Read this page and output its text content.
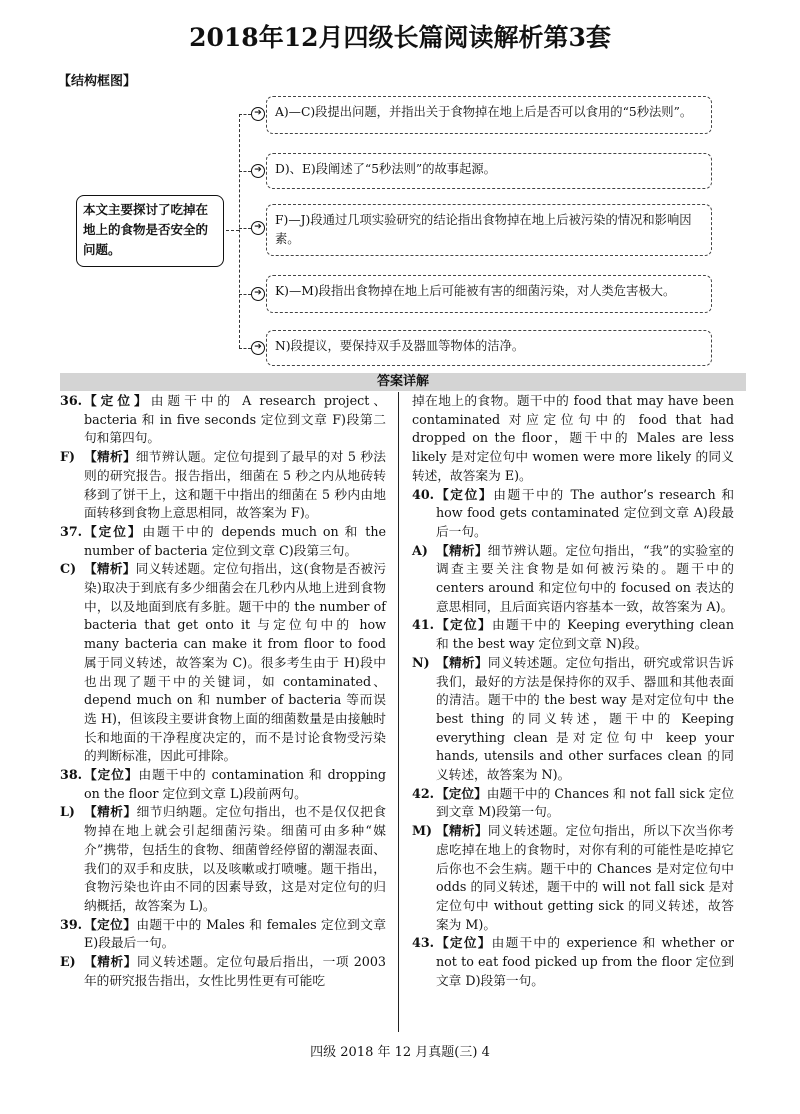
2018年12月四级长篇阅读解析第3套
【结构框图】
本文主要探讨了吃掉在地上的食物是否安全的问题。
➔	A)—C)段提出问题，并指出关于食物掉在地上后是否可以食用的“5秒法则”。
➔	D)、E)段阐述了“5秒法则”的故事起源。
➔	F)—J)段通过几项实验研究的结论指出食物掉在地上后被污染的情况和影响因素。
➔	K)—M)段指出食物掉在地上后可能被有害的细菌污染，对人类危害极大。
➔	N)段提议，要保持双手及器皿等物体的洁净。
答案详解

36. 【定位】由题干中的 A research project、bacteria 和 in five seconds 定位到文章 F)段第二句和第四句。

F) 【精析】细节辨认题。定位句提到了最早的对 5 秒法则的研究报告。报告指出，细菌在 5 秒之内从地砖转移到了饼干上，这和题干中指出的细菌在 5 秒内由地面转移到食物上意思相同，故答案为 F)。

37. 【定位】由题干中的 depends much on 和 the number of bacteria 定位到文章 C)段第三句。

C) 【精析】同义转述题。定位句指出，这(食物是否被污染)取决于到底有多少细菌会在几秒内从地上进到食物中，以及地面到底有多脏。题干中的 the number of bacteria that get onto it 与定位句中的 how many bacteria can make it from floor to food 属于同义转述，故答案为 C)。很多考生由于 H)段中也出现了题干中的关键词，如 contaminated、depend much on 和 number of bacteria 等而误选 H)，但该段主要讲食物上面的细菌数量是由接触时长和地面的干净程度决定的，而不是讨论食物受污染的判断标准，因此可排除。

38. 【定位】由题干中的 contamination 和 dropping on the floor 定位到文章 L)段前两句。

L) 【精析】细节归纳题。定位句指出，也不是仅仅把食物掉在地上就会引起细菌污染。细菌可由多种“媒介”携带，包括生的食物、细菌曾经停留的潮湿表面、我们的双手和皮肤，以及咳嗽或打喷嚏。题干指出，食物污染也许由不同的因素导致，这是对定位句的归纳概括，故答案为 L)。

39. 【定位】由题干中的 Males 和 females 定位到文章 E)段最后一句。

E) 【精析】同义转述题。定位句最后指出，一项 2003 年的研究报告指出，女性比男性更有可能吃

掉在地上的食物。题干中的 food that may have been contaminated 对应定位句中的 food that had dropped on the floor，题干中的 Males are less likely 是对定位句中 women were more likely 的同义转述，故答案为 E)。

40. 【定位】由题干中的 The author’s research 和 how food gets contaminated 定位到文章 A)段最后一句。

A) 【精析】细节辨认题。定位句指出，“我”的实验室的调查主要关注食物是如何被污染的。题干中的 centers around 和定位句中的 focused on 表达的意思相同，且后面宾语内容基本一致，故答案为 A)。

41. 【定位】由题干中的 Keeping everything clean 和 the best way 定位到文章 N)段。

N) 【精析】同义转述题。定位句指出，研究或常识告诉我们，最好的方法是保持你的双手、器皿和其他表面的清洁。题干中的 the best way 是对定位句中 the best thing 的同义转述，题干中的 Keeping everything clean 是对定位句中 keep your hands, utensils and other surfaces clean 的同义转述，故答案为 N)。

42. 【定位】由题干中的 Chances 和 not fall sick 定位到文章 M)段第一句。

M) 【精析】同义转述题。定位句指出，所以下次当你考虑吃掉在地上的食物时，对你有利的可能性是吃掉它后你也不会生病。题干中的 Chances 是对定位句中 odds 的同义转述，题干中的 will not fall sick 是对定位句中 without getting sick 的同义转述，故答案为 M)。

43. 【定位】由题干中的 experience 和 whether or not to eat food picked up from the floor 定位到文章 D)段第一句。

四级 2018 年 12 月真题(三) 4
